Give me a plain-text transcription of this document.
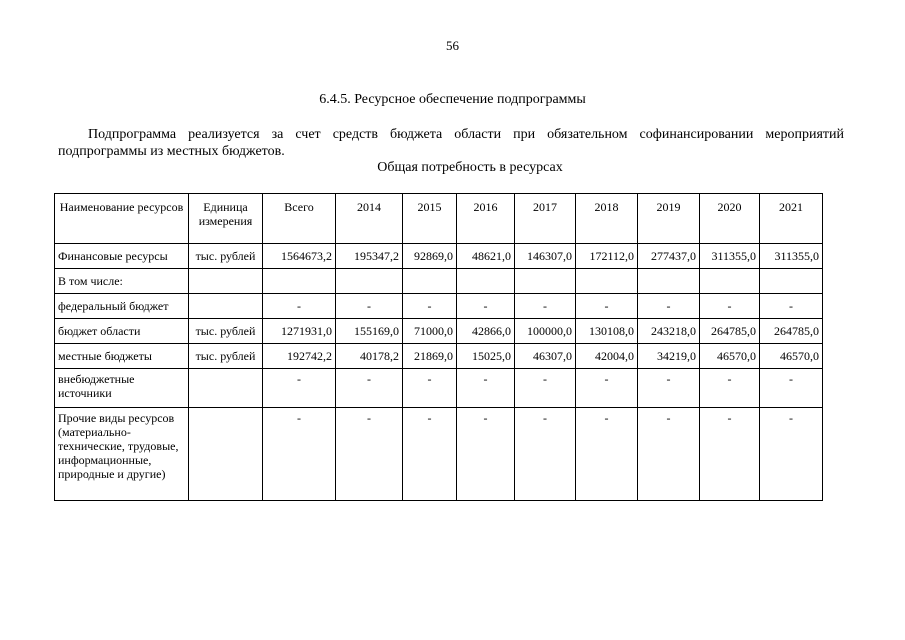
56
6.4.5. Ресурсное обеспечение подпрограммы
Подпрограмма реализуется за счет средств бюджета области при обязательном софинансировании мероприятий подпрограммы из местных бюджетов.
Общая потребность в ресурсах
Наименование ресурсов	Единица измерения	Всего	2014	2015	2016	2017	2018	2019	2020	2021
Финансовые ресурсы	тыс. рублей	1564673,2	195347,2	92869,0	48621,0	146307,0	172112,0	277437,0	311355,0	311355,0
В том числе:										
федеральный бюджет		-	-	-	-	-	-	-	-	-
бюджет области	тыс. рублей	1271931,0	155169,0	71000,0	42866,0	100000,0	130108,0	243218,0	264785,0	264785,0
местные бюджеты	тыс. рублей	192742,2	40178,2	21869,0	15025,0	46307,0	42004,0	34219,0	46570,0	46570,0
внебюджетные источники		-	-	-	-	-	-	-	-	-
Прочие виды ресурсов (материально-технические, трудовые, информационные, природные и другие)		-	-	-	-	-	-	-	-	-
